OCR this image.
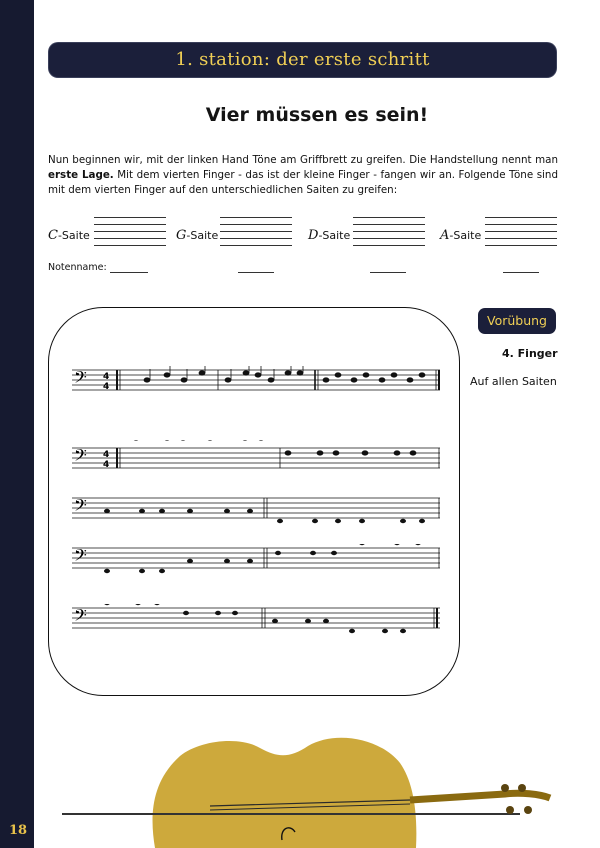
18
1. station: der erste schritt
Vier müssen es sein!
Nun beginnen wir, mit der linken Hand Töne am Griffbrett zu greifen. Die Handstellung nennt man erste Lage. Mit dem vierten Finger - das ist der kleine Finger - fangen wir an. Folgende Töne sind mit dem vierten Finger auf den unterschiedlichen Saiten zu greifen:
C-Saite	G-Saite	D-Saite	A-Saite
Notenname:
𝄢 4
4
𝄢 4
4
𝄢
𝄢
𝄢
Vorübung
4. Finger
Auf allen Saiten
